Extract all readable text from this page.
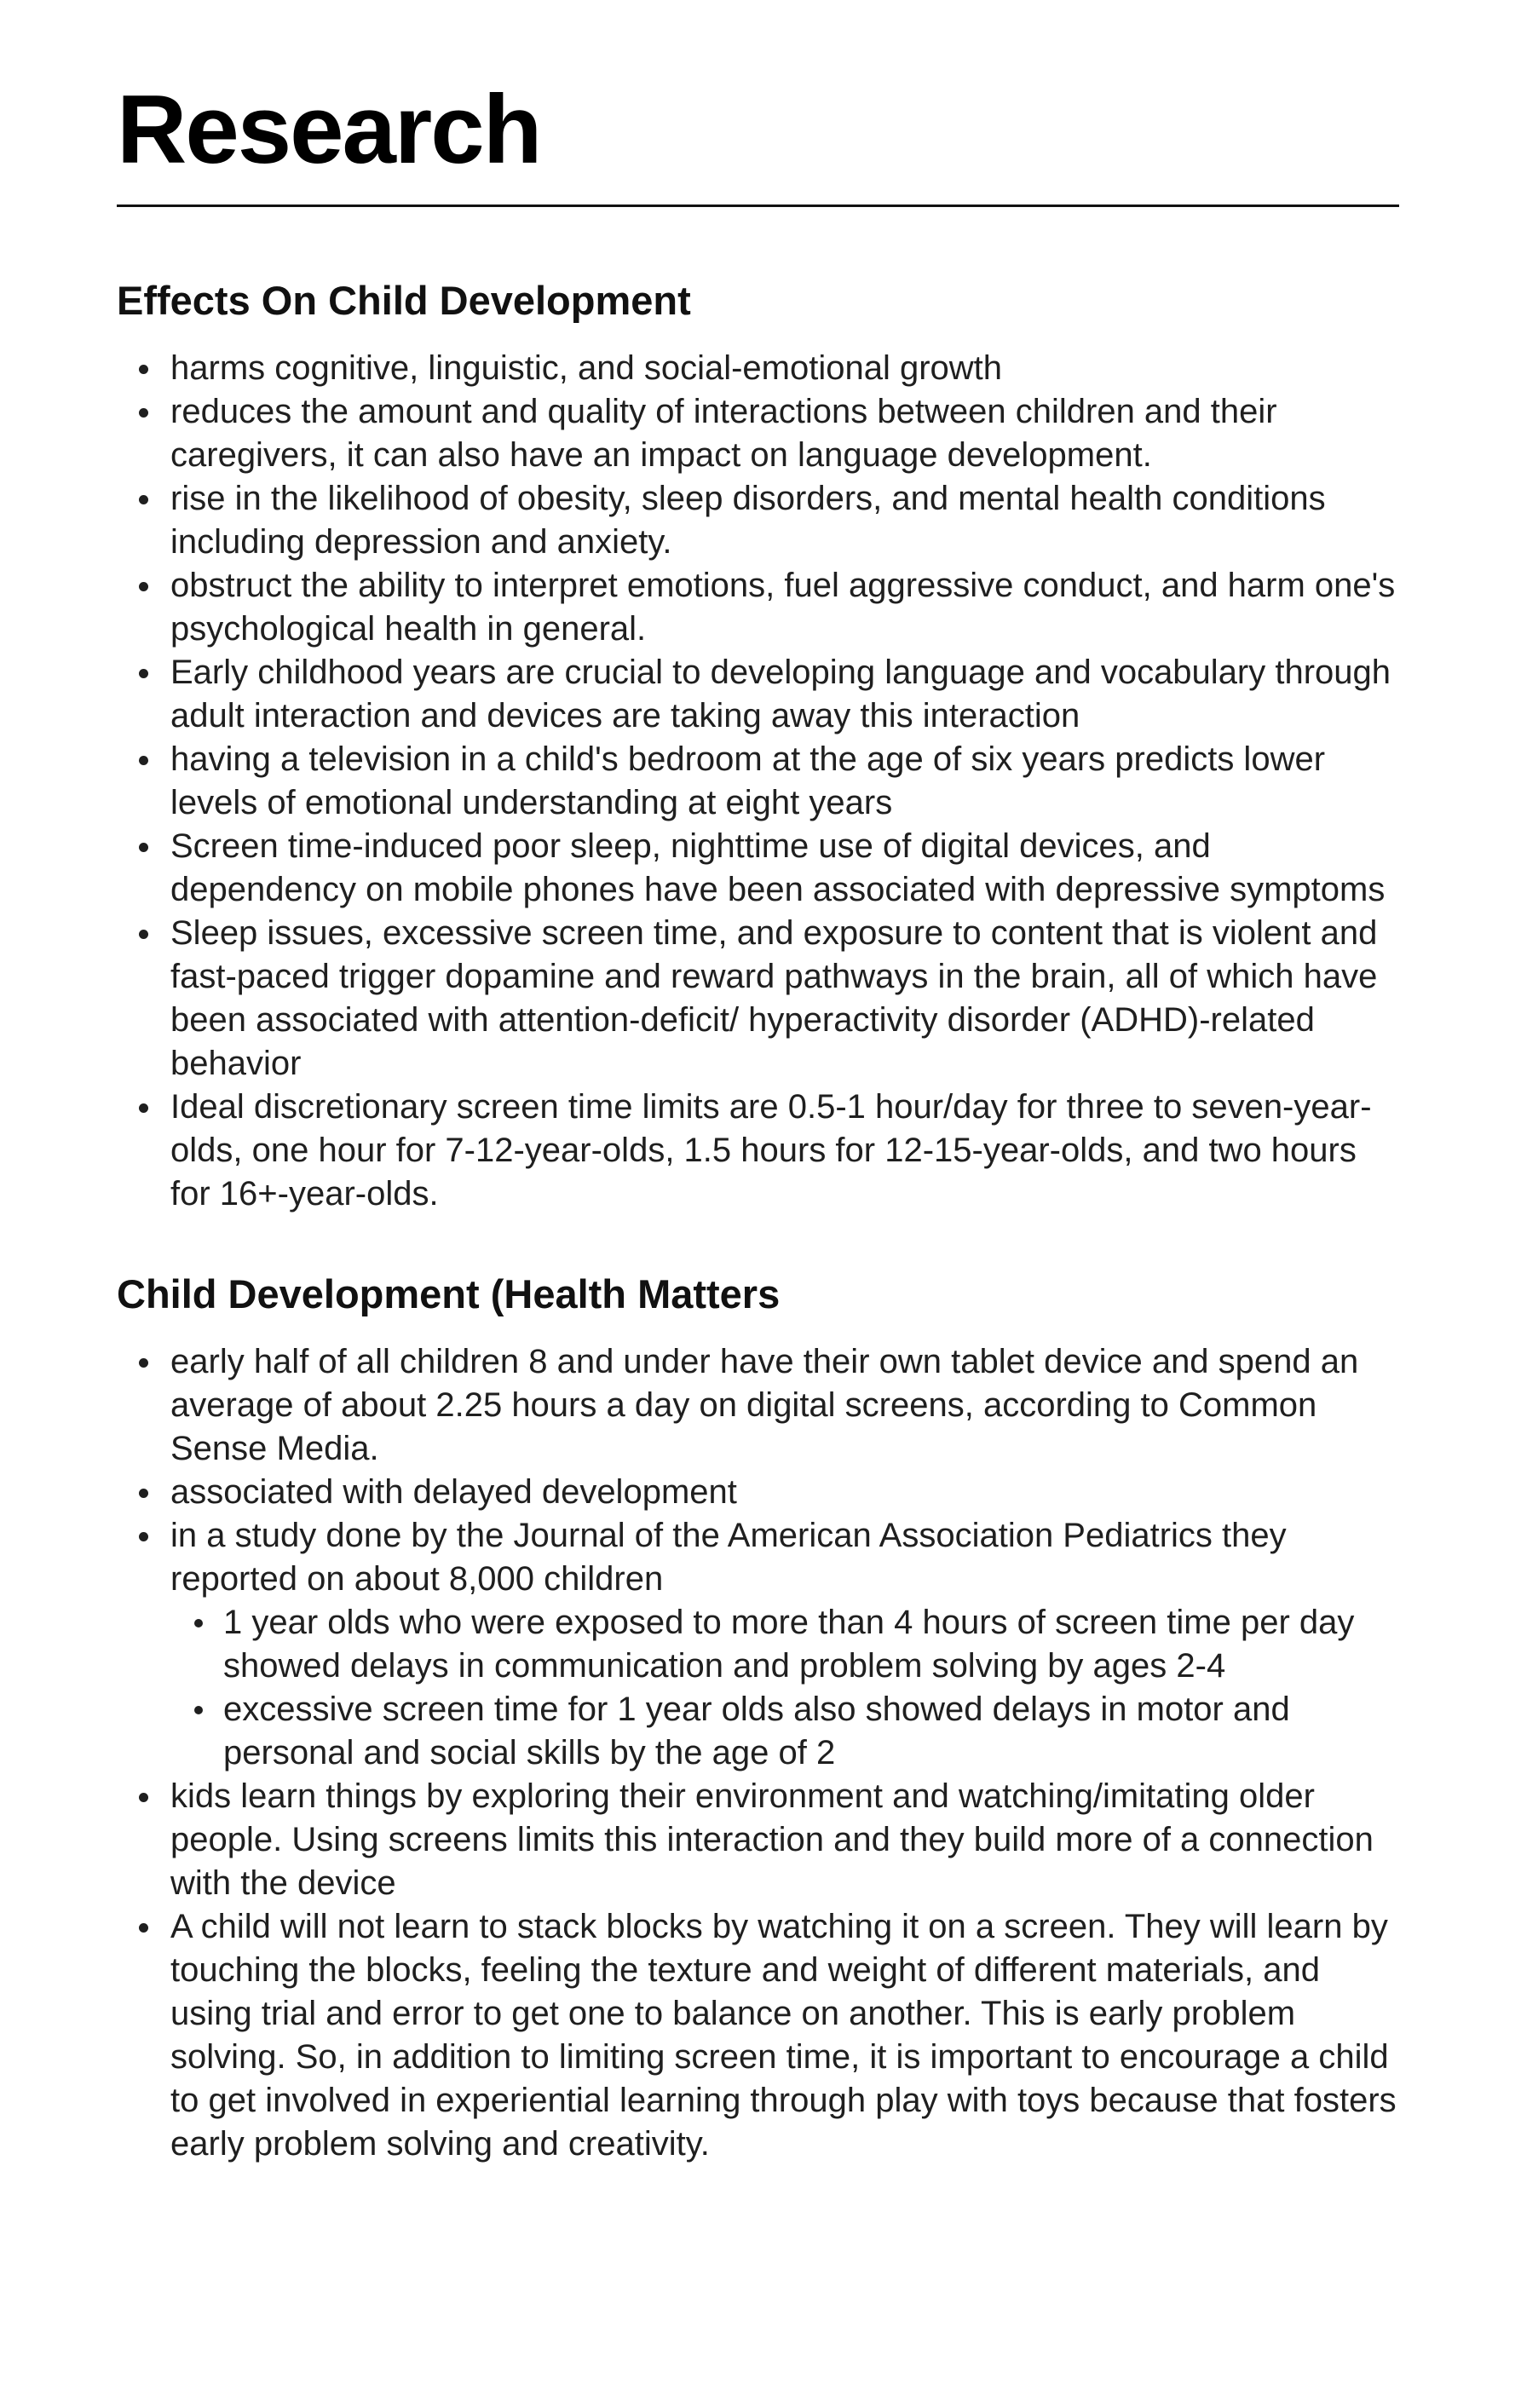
Research
Effects On Child Development
harms cognitive, linguistic, and social-emotional growth
reduces the amount and quality of interactions between children and their caregivers, it can also have an impact on language development.
rise in the likelihood of obesity, sleep disorders, and mental health conditions including depression and anxiety.
obstruct the ability to interpret emotions, fuel aggressive conduct, and harm one's psychological health in general.
Early childhood years are crucial to developing language and vocabulary through adult interaction and devices are taking away this interaction
having a television in a child's bedroom at the age of six years predicts lower levels of emotional understanding at eight years
Screen time-induced poor sleep, nighttime use of digital devices, and dependency on mobile phones have been associated with depressive symptoms
Sleep issues, excessive screen time, and exposure to content that is violent and fast-paced trigger dopamine and reward pathways in the brain, all of which have been associated with attention-deficit/ hyperactivity disorder (ADHD)-related behavior
Ideal discretionary screen time limits are 0.5-1 hour/day for three to seven-year-olds, one hour for 7-12-year-olds, 1.5 hours for 12-15-year-olds, and two hours for 16+-year-olds.
Child Development (Health Matters
early half of all children 8 and under have their own tablet device and spend an average of about 2.25 hours a day on digital screens, according to Common Sense Media.
associated with delayed development
in a study done by the Journal of the American Association Pediatrics they reported on about 8,000 children
1 year olds who were exposed to more than 4 hours of screen time per day showed delays in communication and problem solving by ages 2-4
excessive screen time for 1 year olds also showed delays in motor and personal and social skills by the age of 2
kids learn things by exploring their environment and watching/imitating older people. Using screens limits this interaction and they build more of a connection with the device
A child will not learn to stack blocks by watching it on a screen. They will learn by touching the blocks, feeling the texture and weight of different materials, and using trial and error to get one to balance on another. This is early problem solving. So, in addition to limiting screen time, it is important to encourage a child to get involved in experiential learning through play with toys because that fosters early problem solving and creativity.
